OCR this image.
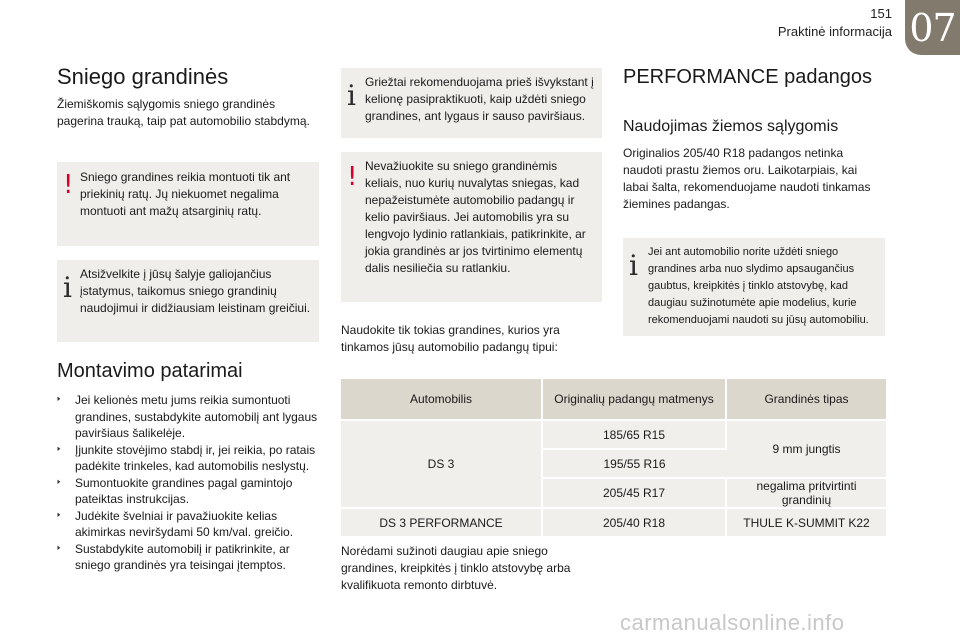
151
Praktinė informacija 07
Sniego grandinės
Žiemiškomis sąlygomis sniego grandinės pagerina trauką, taip pat automobilio stabdymą.
! Sniego grandines reikia montuoti tik ant priekinių ratų. Jų niekuomet negalima montuoti ant mažų atsarginių ratų.
i Atsižvelkite į jūsų šalyje galiojančius įstatymus, taikomus sniego grandinių naudojimui ir didžiausiam leistinam greičiui.
Montavimo patarimai
🢒 Jei kelionės metu jums reikia sumontuoti grandines, sustabdykite automobilį ant lygaus paviršiaus šalikelėje.
🢒 Įjunkite stovėjimo stabdį ir, jei reikia, po ratais padėkite trinkeles, kad automobilis neslystų.
🢒 Sumontuokite grandines pagal gamintojo pateiktas instrukcijas.
🢒 Judėkite švelniai ir pavažiuokite kelias akimirkas neviršydami 50 km/val. greičio.
🢒 Sustabdykite automobilį ir patikrinkite, ar sniego grandinės yra teisingai įtemptos.
i Griežtai rekomenduojama prieš išvykstant į kelionę pasipraktikuoti, kaip uždėti sniego grandines, ant lygaus ir sauso paviršiaus.
! Nevažiuokite su sniego grandinėmis keliais, nuo kurių nuvalytas sniegas, kad nepažeistumėte automobilio padangų ir kelio paviršiaus. Jei automobilis yra su lengvojo lydinio ratlankiais, patikrinkite, ar jokia grandinės ar jos tvirtinimo elementų dalis nesiliečia su ratlankiu.
Naudokite tik tokias grandines, kurios yra tinkamos jūsų automobilio padangų tipui:
Automobilis	Originalių padangų matmenys	Grandinės tipas
DS 3	185/65 R15	9 mm jungtis
	195/55 R16	
	205/45 R17	negalima pritvirtinti grandinių
DS 3 PERFORMANCE	205/40 R18	THULE K-SUMMIT K22
Norėdami sužinoti daugiau apie sniego grandines, kreipkitės į tinklo atstovybę arba kvalifikuota remonto dirbtuvė.
PERFORMANCE padangos
Naudojimas žiemos sąlygomis
Originalios 205/40 R18 padangos netinka naudoti prastu žiemos oru. Laikotarpiais, kai labai šalta, rekomenduojame naudoti tinkamas žiemines padangas.
i Jei ant automobilio norite uždėti sniego grandines arba nuo slydimo apsaugančius gaubtus, kreipkitės į tinklo atstovybę, kad daugiau sužinotumėte apie modelius, kurie rekomenduojami naudoti su jūsų automobiliu.
carmanualsonline.info
